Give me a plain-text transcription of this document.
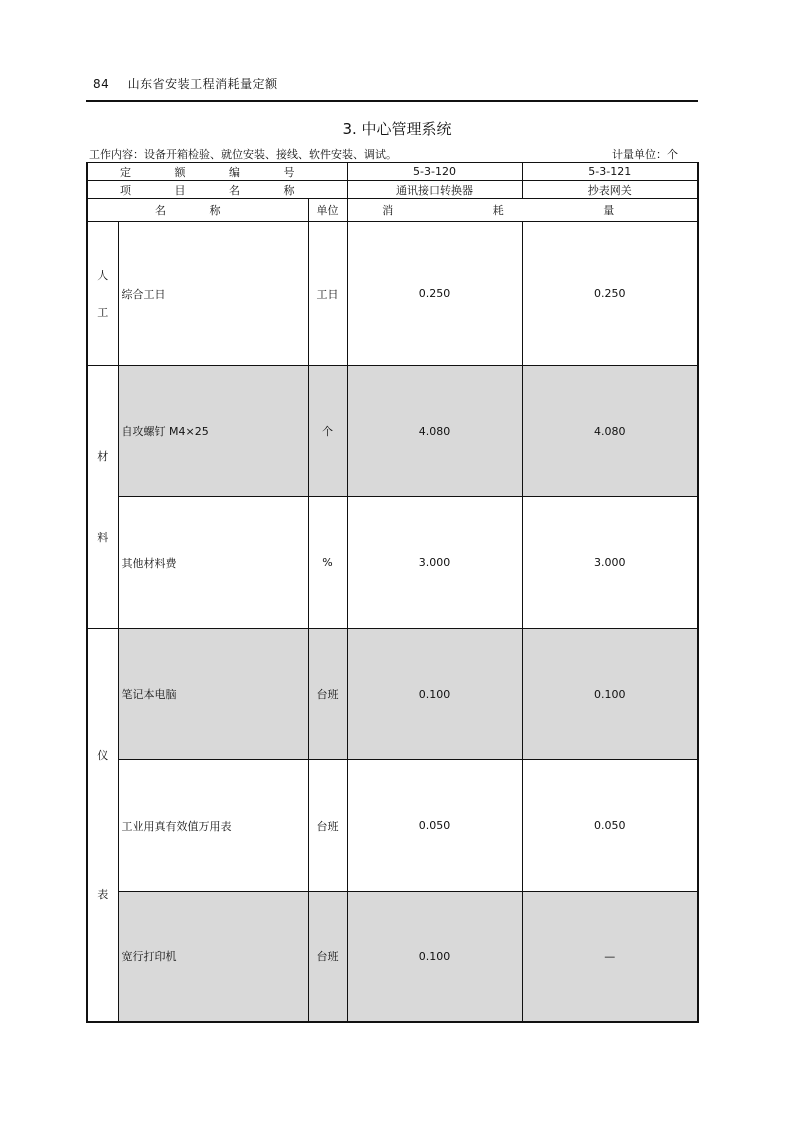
84 山东省安装工程消耗量定额
3. 中心管理系统
工作内容：设备开箱检验、就位安装、接线、软件安装、调试。	计量单位：个
定 额 编 号			5-3-120	5-3-121
项 目 名 称			通讯接口转换器	抄表网关
名 称		单位	消 耗 量	

人
工	综合工日	工日	0.250	0.250

材
料	自攻螺钉 M4×25	个	4.080	4.080
	其他材料费	%	3.000	3.000

仪
表	笔记本电脑	台班	0.100	0.100
	工业用真有效值万用表	台班	0.050	0.050
	宽行打印机	台班	0.100	—
